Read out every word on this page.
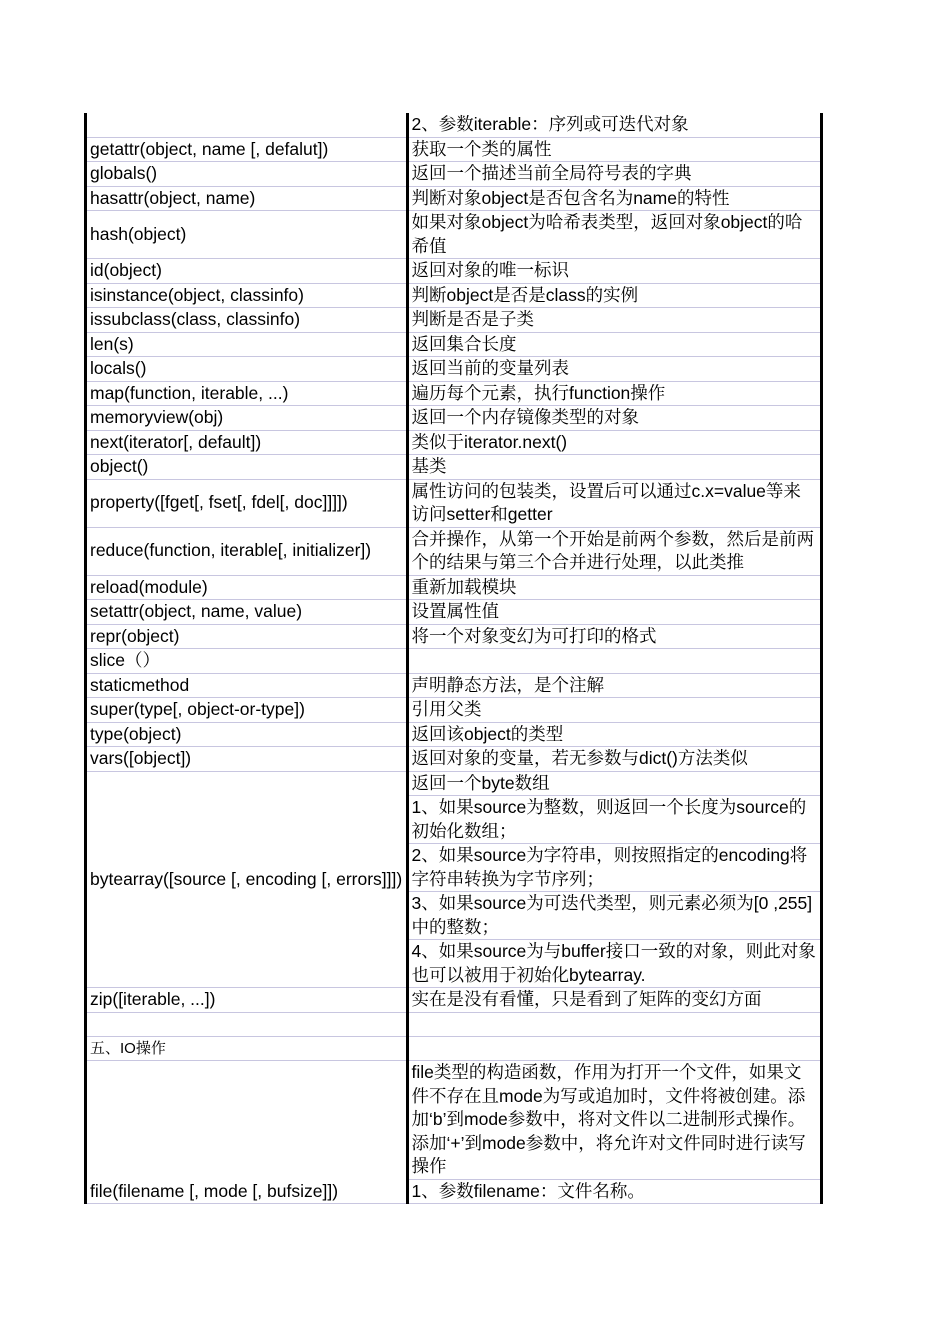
	2、参数iterable：序列或可迭代对象
getattr(object, name [, defalut])	获取一个类的属性
globals()	返回一个描述当前全局符号表的字典
hasattr(object, name)	判断对象object是否包含名为name的特性
hash(object)	如果对象object为哈希表类型，返回对象object的哈希值
id(object)	返回对象的唯一标识
isinstance(object, classinfo)	判断object是否是class的实例
issubclass(class, classinfo)	判断是否是子类
len(s)	返回集合长度
locals()	返回当前的变量列表
map(function, iterable, ...)	遍历每个元素，执行function操作
memoryview(obj)	返回一个内存镜像类型的对象
next(iterator[, default])	类似于iterator.next()
object()	基类
property([fget[, fset[, fdel[, doc]]]])	属性访问的包装类，设置后可以通过c.x=value等来访问setter和getter
reduce(function, iterable[, initializer])	合并操作，从第一个开始是前两个参数，然后是前两个的结果与第三个合并进行处理，以此类推
reload(module)	重新加载模块
setattr(object, name, value)	设置属性值
repr(object)	将一个对象变幻为可打印的格式
slice（）	
staticmethod	声明静态方法，是个注解
super(type[, object-or-type])	引用父类
type(object)	返回该object的类型
vars([object])	返回对象的变量，若无参数与dict()方法类似
bytearray([source [, encoding [, errors]]])	返回一个byte数组
	1、如果source为整数，则返回一个长度为source的初始化数组；
	2、如果source为字符串，则按照指定的encoding将字符串转换为字节序列；
	3、如果source为可迭代类型，则元素必须为[0 ,255]中的整数；
	4、如果source为与buffer接口一致的对象，则此对象也可以被用于初始化bytearray.
zip([iterable, ...])	实在是没有看懂，只是看到了矩阵的变幻方面

五、IO操作	
file(filename [, mode [, bufsize]])	file类型的构造函数，作用为打开一个文件，如果文件不存在且mode为写或追加时，文件将被创建。添加‘b’到mode参数中，将对文件以二进制形式操作。添加‘+’到mode参数中，将允许对文件同时进行读写操作
	1、参数filename：文件名称。
